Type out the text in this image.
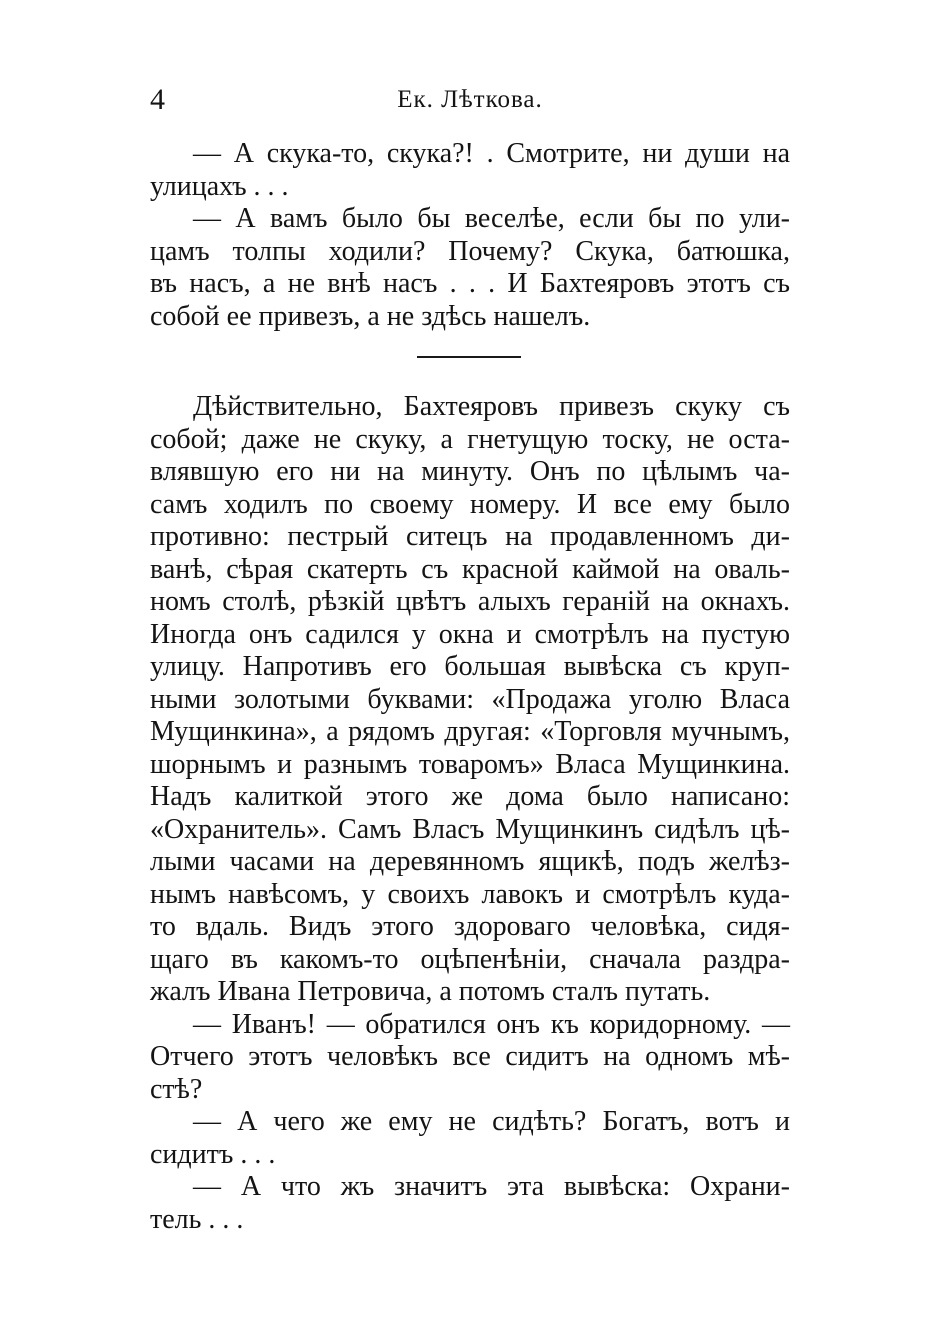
4	Ек. Лѣткова.
— А скука-то, скука?! . Смотрите, ни души на
улицахъ . . .
— А вамъ было бы веселѣе, если бы по ули-
цамъ толпы ходили? Почему? Скука, батюшка,
въ насъ, а не внѣ насъ . . . И Бахтеяровъ этотъ съ
собой ее привезъ, а не здѣсь нашелъ.
Дѣйствительно, Бахтеяровъ привезъ скуку съ
собой; даже не скуку, а гнетущую тоску, не оста-
влявшую его ни на минуту. Онъ по цѣлымъ ча-
самъ ходилъ по своему номеру. И все ему было
противно: пестрый ситецъ на продавленномъ ди-
ванѣ, сѣрая скатерть съ красной каймой на оваль-
номъ столѣ, рѣзкій цвѣтъ алыхъ гераній на окнахъ.
Иногда онъ садился у окна и смотрѣлъ на пустую
улицу. Напротивъ его большая вывѣска съ круп-
ными золотыми буквами: «Продажа уголю Власа
Мущинкина», а рядомъ другая: «Торговля мучнымъ,
шорнымъ и разнымъ товаромъ» Власа Мущинкина.
Надъ калиткой этого же дома было написано:
«Охранитель». Самъ Власъ Мущинкинъ сидѣлъ цѣ-
лыми часами на деревянномъ ящикѣ, подъ желѣз-
нымъ навѣсомъ, у своихъ лавокъ и смотрѣлъ куда-
то вдаль. Видъ этого здороваго человѣка, сидя-
щаго въ какомъ-то оцѣпенѣніи, сначала раздра-
жалъ Ивана Петровича, а потомъ сталъ путать.
— Иванъ! — обратился онъ къ коридорному. —
Отчего этотъ человѣкъ все сидитъ на одномъ мѣ-
стѣ?
— А чего же ему не сидѣть? Богатъ, вотъ и
сидитъ . . .
— А что жъ значитъ эта вывѣска: Охрани-
тель . . .
